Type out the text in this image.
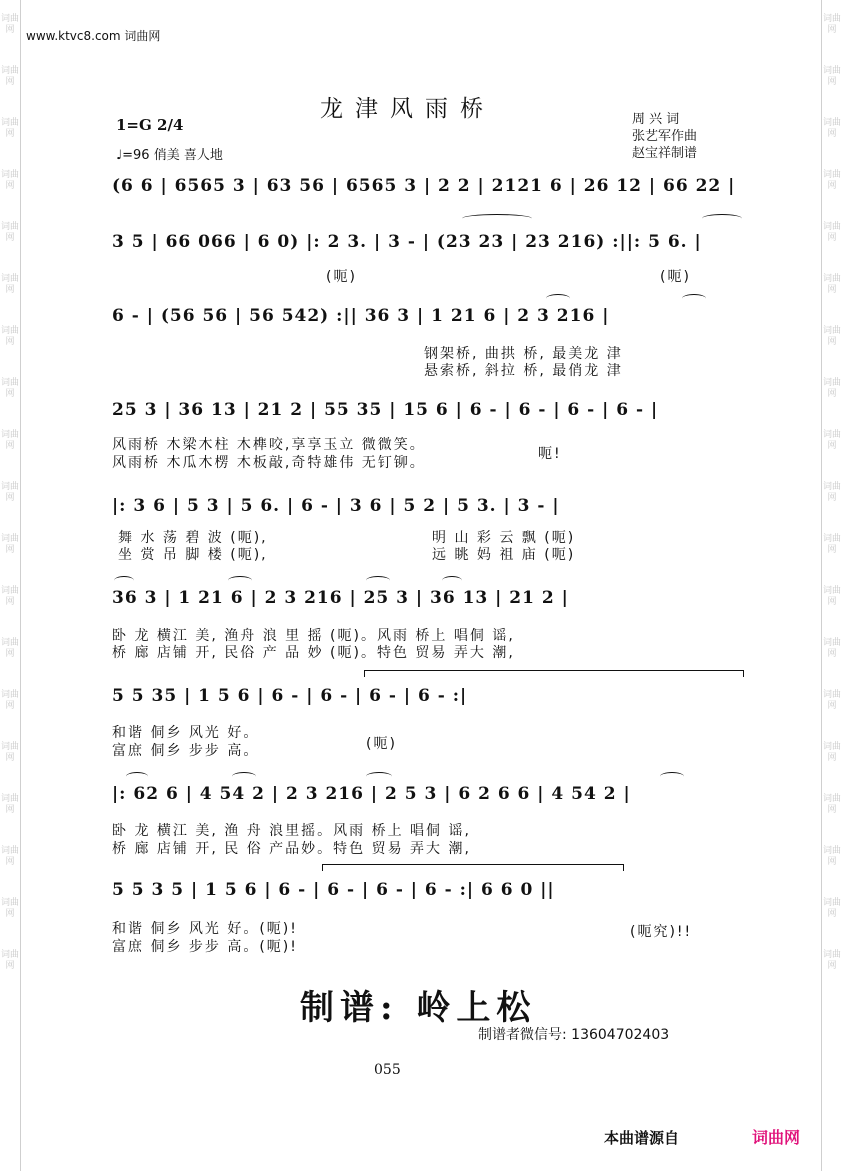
词曲网
词曲网
词曲网
词曲网
词曲网
词曲网
词曲网
词曲网
词曲网
词曲网
词曲网
词曲网
词曲网
词曲网
词曲网
词曲网
词曲网
词曲网
词曲网
词曲网
词曲网
词曲网
词曲网
词曲网
词曲网
词曲网
词曲网
词曲网
词曲网
词曲网
词曲网
词曲网
词曲网
词曲网
词曲网
词曲网
词曲网
词曲网
www.ktvc8.com 词曲网
龙津风雨桥
1=G 2/4
♩=96 俏美 喜人地
周 兴 词
张艺军作曲
赵宝祥制谱
(6 6 | 6565 3 | 63 56 | 6565 3 | 2 2 | 2121 6 | 26 12 | 66 22 |
3 5 | 66 066 | 6 0) |: 2 3. | 3 - | (23 23 | 23 216) :||: 5 6. |
(呃)	(呃)
6 - | (56 56 | 56 542) :|| 36 3 | 1 21 6 | 2 3 216 |
钢架桥, 曲拱 桥, 最美龙 津
悬索桥, 斜拉 桥, 最俏龙 津
25 3 | 36 13 | 21 2 | 55 35 | 15 6 | 6 - | 6 - | 6 - | 6 - |
风雨桥 木梁木柱 木榫咬,享享玉立 微微笑。
风雨桥 木瓜木楞 木板敲,奇特雄伟 无钉铆。
呃!
|: 3 6 | 5 3 | 5 6. | 6 - | 3 6 | 5 2 | 5 3. | 3 - |
舞 水 荡 碧 波 (呃),	明 山 彩 云 飘 (呃)
坐 赏 吊 脚 楼 (呃),	远 眺 妈 祖 庙 (呃)
36 3 | 1 21 6 | 2 3 216 | 25 3 | 36 13 | 21 2 |
卧 龙 横江 美, 渔舟 浪 里 摇 (呃)。风雨 桥上 唱侗 谣,
桥 廊 店铺 开, 民俗 产 品 妙 (呃)。特色 贸易 弄大 潮,
5 5 35 | 1 5 6 | 6 - | 6 - | 6 - | 6 - :|
和谐 侗乡 风光 好。
富庶 侗乡 步步 高。	(呃)
|: 62 6 | 4 54 2 | 2 3 216 | 2 5 3 | 6 2 6 6 | 4 54 2 |
卧 龙 横江 美, 渔 舟 浪里摇。风雨 桥上 唱侗 谣,
桥 廊 店铺 开, 民 俗 产品妙。特色 贸易 弄大 潮,
5 5 3 5 | 1 5 6 | 6 - | 6 - | 6 - | 6 - :| 6 6 0 ||
和谐 侗乡 风光 好。(呃)!
富庶 侗乡 步步 高。(呃)!
(呃究)!!
制谱: 岭上松
制谱者微信号: 13604702403
055
本曲谱源自	词曲网
